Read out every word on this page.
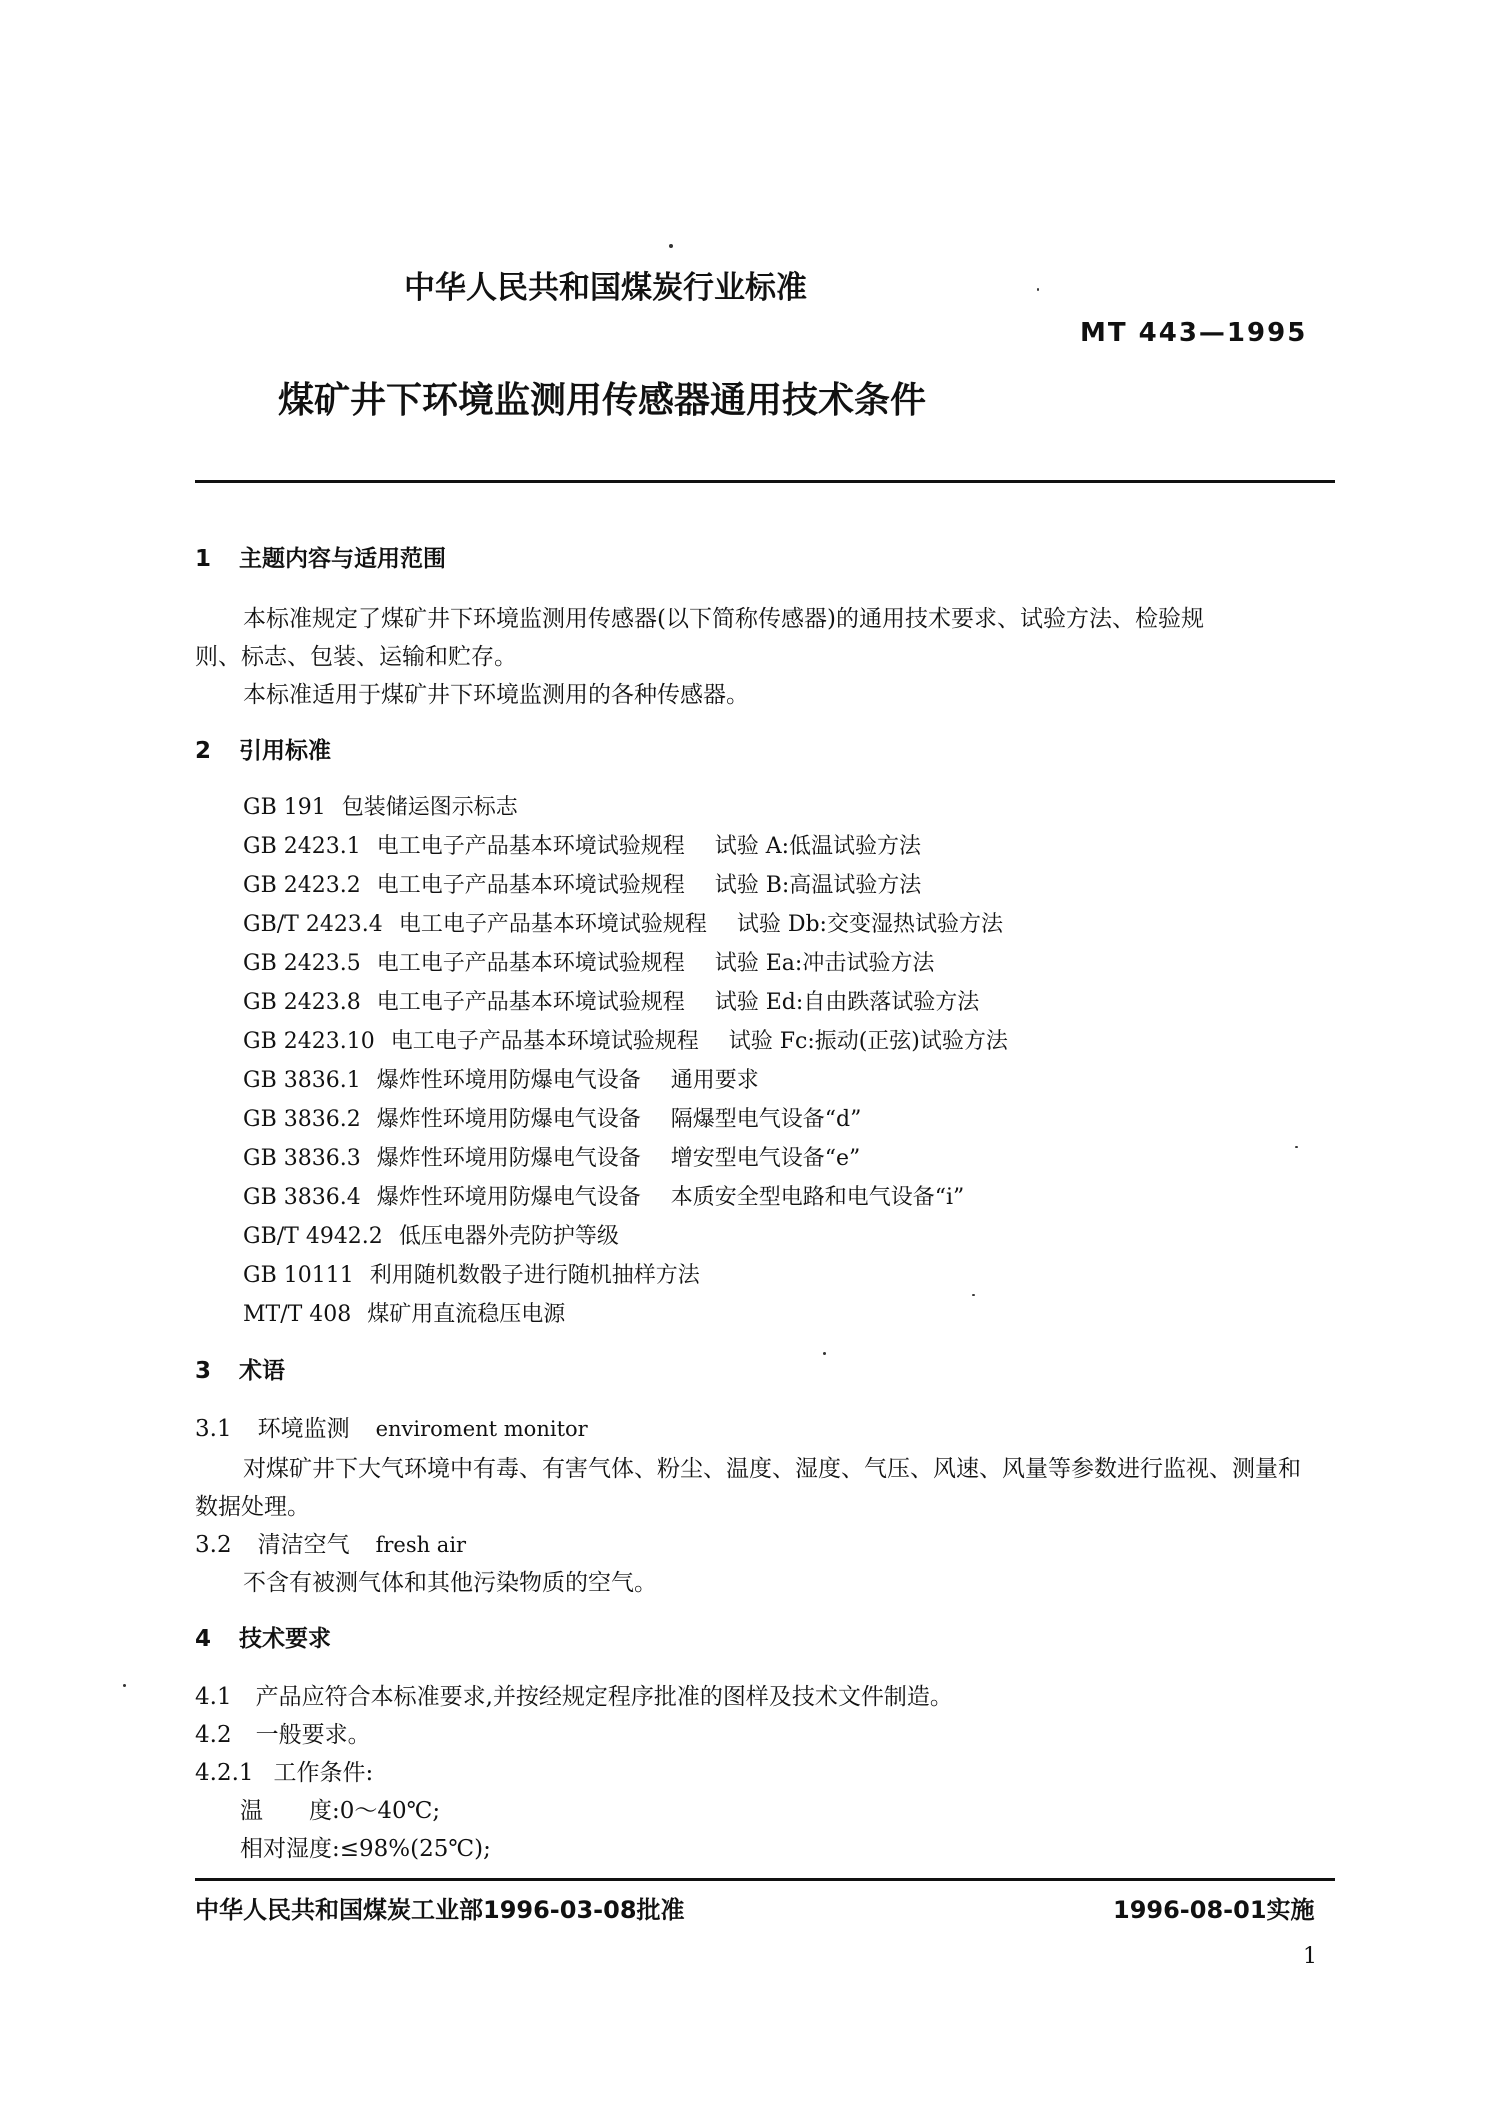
中华人民共和国煤炭行业标准
MT 443—1995
煤矿井下环境监测用传感器通用技术条件
1 主题内容与适用范围
本标准规定了煤矿井下环境监测用传感器(以下简称传感器)的通用技术要求、试验方法、检验规
则、标志、包装、运输和贮存。
本标准适用于煤矿井下环境监测用的各种传感器。
2 引用标准
GB 191 包装储运图示标志
GB 2423.1 电工电子产品基本环境试验规程 试验 A:低温试验方法
GB 2423.2 电工电子产品基本环境试验规程 试验 B:高温试验方法
GB/T 2423.4 电工电子产品基本环境试验规程 试验 Db:交变湿热试验方法
GB 2423.5 电工电子产品基本环境试验规程 试验 Ea:冲击试验方法
GB 2423.8 电工电子产品基本环境试验规程 试验 Ed:自由跌落试验方法
GB 2423.10 电工电子产品基本环境试验规程 试验 Fc:振动(正弦)试验方法
GB 3836.1 爆炸性环境用防爆电气设备 通用要求
GB 3836.2 爆炸性环境用防爆电气设备 隔爆型电气设备“d”
GB 3836.3 爆炸性环境用防爆电气设备 增安型电气设备“e”
GB 3836.4 爆炸性环境用防爆电气设备 本质安全型电路和电气设备“i”
GB/T 4942.2 低压电器外壳防护等级
GB 10111 利用随机数骰子进行随机抽样方法
MT/T 408 煤矿用直流稳压电源
3 术语
3.1 环境监测 enviroment monitor
对煤矿井下大气环境中有毒、有害气体、粉尘、温度、湿度、气压、风速、风量等参数进行监视、测量和
数据处理。
3.2 清洁空气 fresh air
不含有被测气体和其他污染物质的空气。
4 技术要求
4.1 产品应符合本标准要求,并按经规定程序批准的图样及技术文件制造。
4.2 一般要求。
4.2.1 工作条件:
温　　度:0～40℃;
相对湿度:≤98%(25℃);
中华人民共和国煤炭工业部1996-03-08批准	1996-08-01实施
1
